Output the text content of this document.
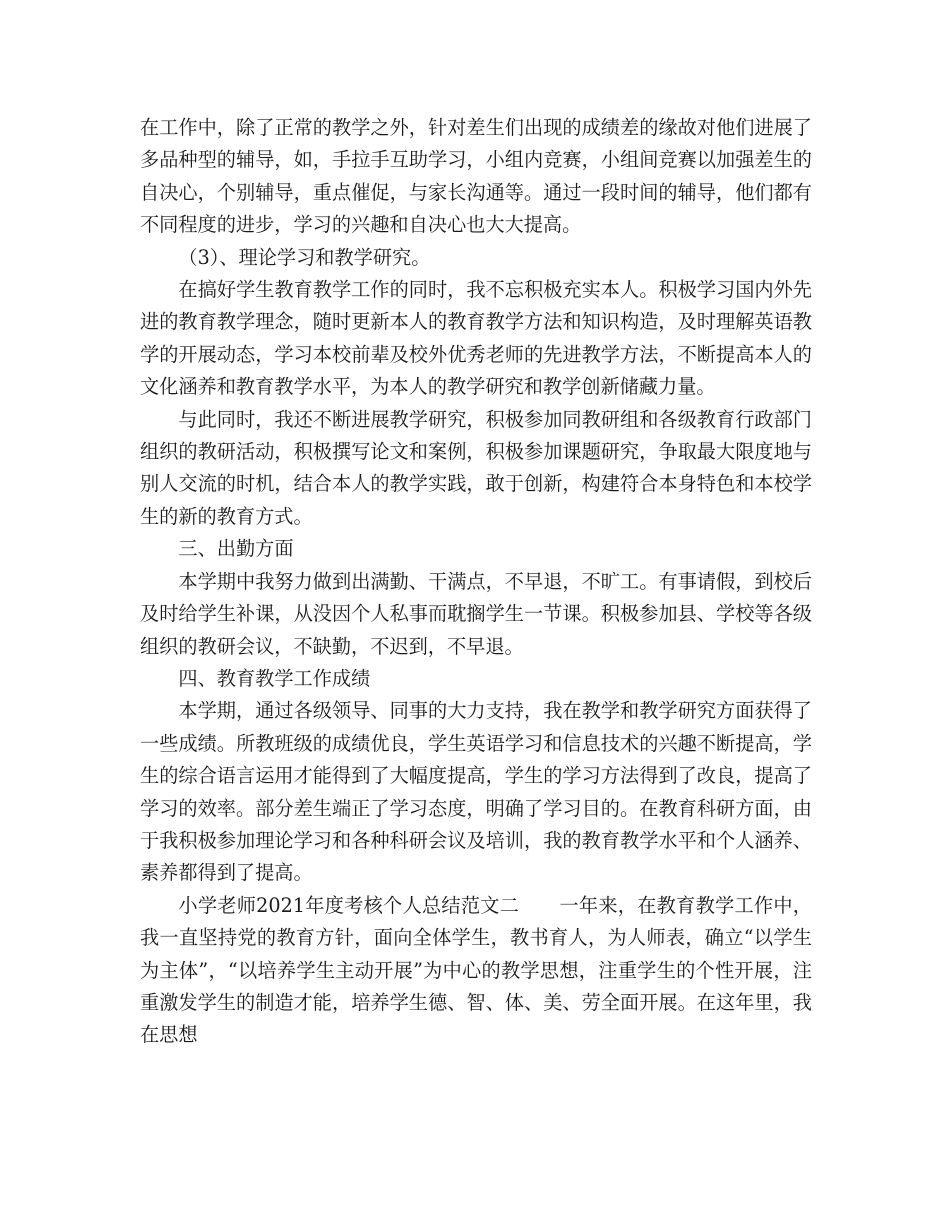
在工作中，除了正常的教学之外，针对差生们出现的成绩差的缘故对他们进展了多品种型的辅导，如，手拉手互助学习，小组内竞赛，小组间竞赛以加强差生的自决心，个别辅导，重点催促，与家长沟通等。通过一段时间的辅导，他们都有不同程度的进步，学习的兴趣和自决心也大大提高。

（3）、理论学习和教学研究。

在搞好学生教育教学工作的同时，我不忘积极充实本人。积极学习国内外先进的教育教学理念，随时更新本人的教育教学方法和知识构造，及时理解英语教学的开展动态，学习本校前辈及校外优秀老师的先进教学方法，不断提高本人的文化涵养和教育教学水平，为本人的教学研究和教学创新储藏力量。

与此同时，我还不断进展教学研究，积极参加同教研组和各级教育行政部门组织的教研活动，积极撰写论文和案例，积极参加课题研究，争取最大限度地与别人交流的时机，结合本人的教学实践，敢于创新，构建符合本身特色和本校学生的新的教育方式。

三、出勤方面

本学期中我努力做到出满勤、干满点，不早退，不旷工。有事请假，到校后及时给学生补课，从没因个人私事而耽搁学生一节课。积极参加县、学校等各级组织的教研会议，不缺勤，不迟到，不早退。

四、教育教学工作成绩

本学期，通过各级领导、同事的大力支持，我在教学和教学研究方面获得了一些成绩。所教班级的成绩优良，学生英语学习和信息技术的兴趣不断提高，学生的综合语言运用才能得到了大幅度提高，学生的学习方法得到了改良，提高了学习的效率。部分差生端正了学习态度，明确了学习目的。在教育科研方面，由于我积极参加理论学习和各种科研会议及培训，我的教育教学水平和个人涵养、素养都得到了提高。

小学老师2021年度考核个人总结范文二 一年来，在教育教学工作中，我一直坚持党的教育方针，面向全体学生，教书育人，为人师表，确立“以学生为主体”，“以培养学生主动开展”为中心的教学思想，注重学生的个性开展，注重激发学生的制造才能，培养学生德、智、体、美、劳全面开展。在这年里，我在思想
